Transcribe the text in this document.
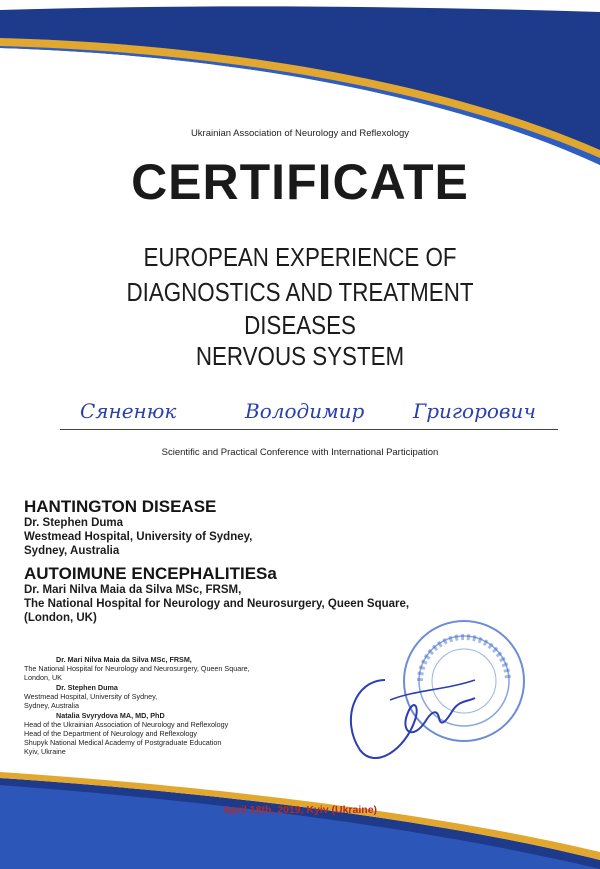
Ukrainian Association of Neurology and Reflexology
CERTIFICATE
EUROPEAN EXPERIENCE OF
DIAGNOSTICS AND TREATMENT
DISEASES
NERVOUS SYSTEM
Сяненюк	Володимир Григорович
Scientific and Practical Conference with International Participation
HANTINGTON DISEASE
Dr. Stephen Duma
Westmead Hospital, University of Sydney,
Sydney, Australia
AUTOIMUNE ENCEPHALITIESa
Dr. Mari Nilva Maia da Silva MSc, FRSM,
The National Hospital for Neurology and Neurosurgery, Queen Square,
(London, UK)
Dr. Mari Nilva Maia da Silva MSc, FRSM,
The National Hospital for Neurology and Neurosurgery, Queen Square,
London, UK
Dr. Stephen Duma
Westmead Hospital, University of Sydney,
Sydney, Australia
Natalia Svyrydova MA, MD, PhD
Head of the Ukrainian Association of Neurology and Reflexology
Head of the Department of Neurology and Reflexology
Shupyk National Medical Academy of Postgraduate Education
Kyiv, Ukraine
April 18th, 2019, Kyiv (Ukraine)
